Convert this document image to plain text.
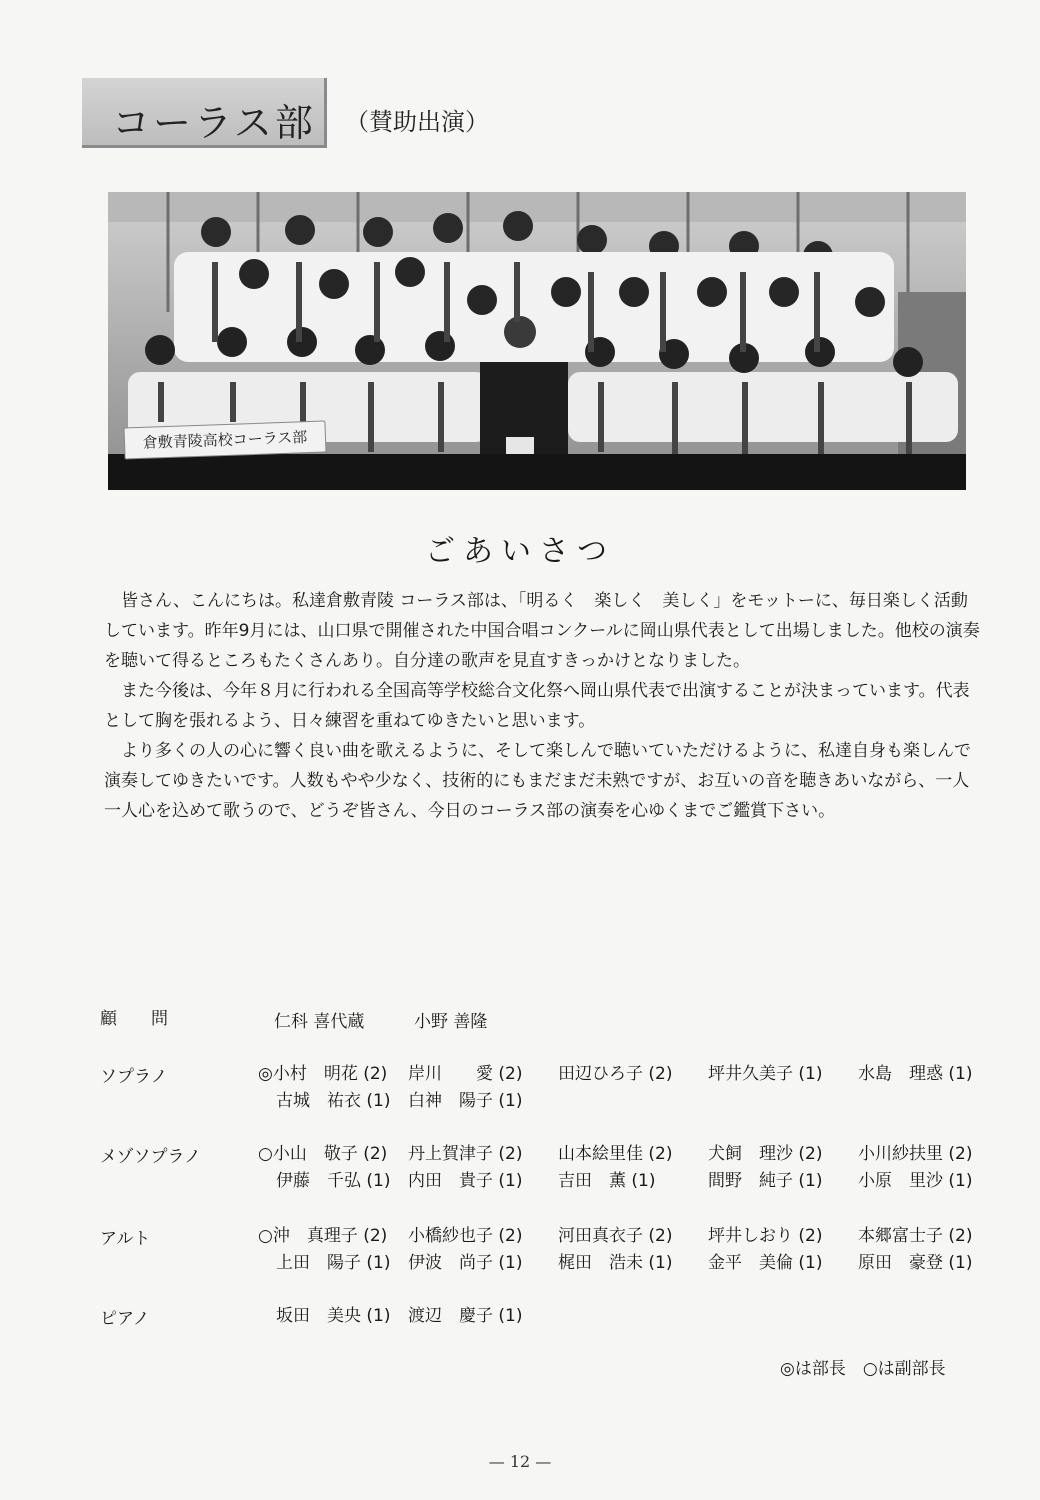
コーラス部 （賛助出演）
倉敷青陵高校コーラス部
ごあいさつ

皆さん、こんにちは。私達倉敷青陵 コーラス部は、「明るく　楽しく　美しく」をモットーに、毎日楽しく活動しています。昨年9月には、山口県で開催された中国合唱コンクールに岡山県代表として出場しました。他校の演奏を聴いて得るところもたくさんあり。自分達の歌声を見直すきっかけとなりました。

また今後は、今年８月に行われる全国高等学校総合文化祭へ岡山県代表で出演することが決まっています。代表として胸を張れるよう、日々練習を重ねてゆきたいと思います。

より多くの人の心に響く良い曲を歌えるように、そして楽しんで聴いていただけるように、私達自身も楽しんで演奏してゆきたいです。人数もやや少なく、技術的にもまだまだ未熟ですが、お互いの音を聴きあいながら、一人一人心を込めて歌うので、どうぞ皆さん、今日のコーラス部の演奏を心ゆくまでご鑑賞下さい。

顧　　問	仁科 喜代蔵	小野 善隆
ソプラノ	◎小村　明花 (2)	岸川　　愛 (2)	田辺ひろ子 (2)	坪井久美子 (1)	水島　理惑 (1)
古城　祐衣 (1)	白神　陽子 (1)
メゾソプラノ	○小山　敬子 (2)	丹上賀津子 (2)	山本絵里佳 (2)	犬飼　理沙 (2)	小川紗扶里 (2)
伊藤　千弘 (1)	内田　貴子 (1)	吉田　薫 (1)	間野　純子 (1)	小原　里沙 (1)
アルト	○沖　真理子 (2)	小橋紗也子 (2)	河田真衣子 (2)	坪井しおり (2)	本郷富士子 (2)
上田　陽子 (1)	伊波　尚子 (1)	梶田　浩未 (1)	金平　美倫 (1)	原田　豪登 (1)
ピアノ	坂田　美央 (1)	渡辺　慶子 (1)
◎は部長　○は副部長
— 12 —
